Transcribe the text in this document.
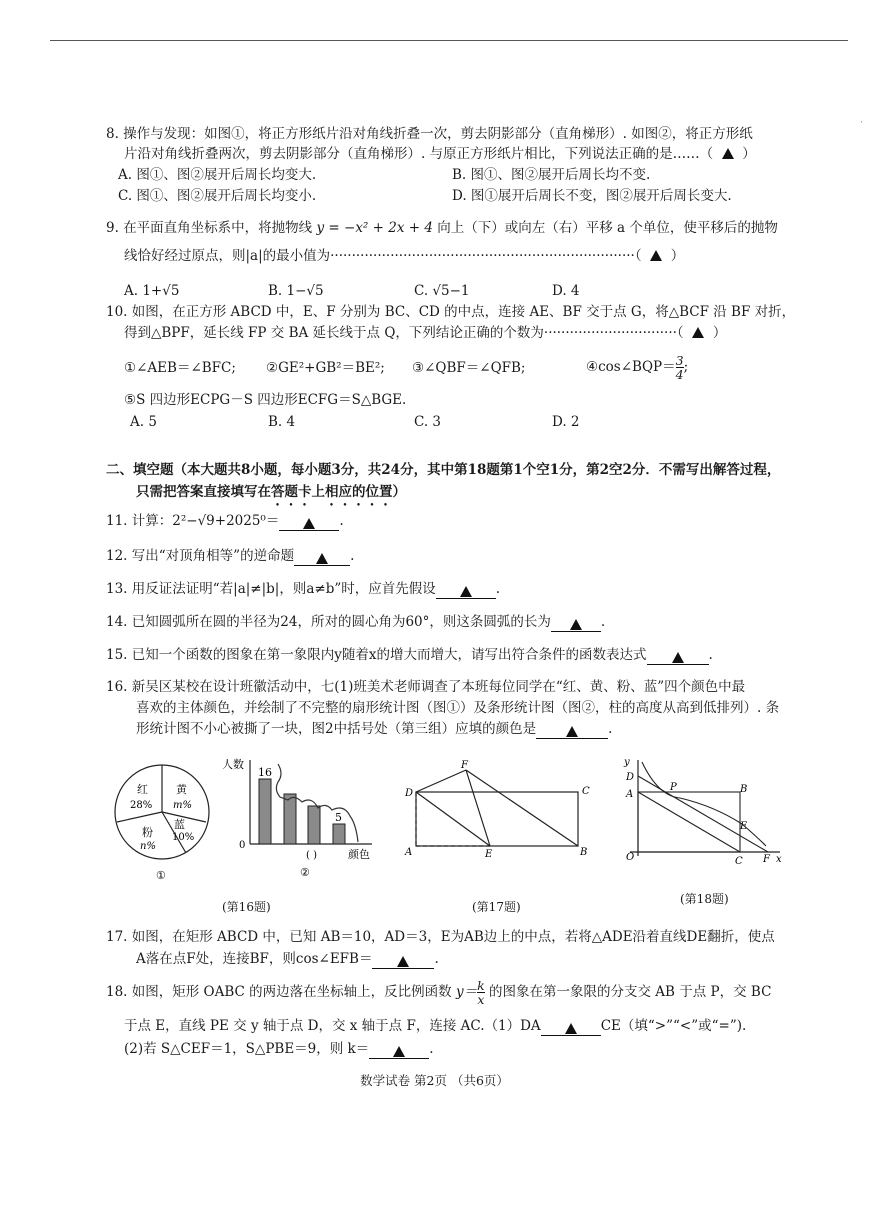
·
8. 操作与发现：如图①，将正方形纸片沿对角线折叠一次，剪去阴影部分（直角梯形）. 如图②，将正方形纸
片沿对角线折叠两次，剪去阴影部分（直角梯形）. 与原正方形纸片相比，下列说法正确的是……（ ）
A. 图①、图②展开后周长均变大.	B. 图①、图②展开后周长均不变.
C. 图①、图②展开后周长均变小.	D. 图①展开后周长不变，图②展开后周长变大.
9. 在平面直角坐标系中，将抛物线 y = −x² + 2x + 4 向上（下）或向左（右）平移 a 个单位，使平移后的抛物
线恰好经过原点，则|a|的最小值为·······································································（ ）
A. 1+√5	B. 1−√5	C. √5−1	D. 4
10. 如图，在正方形 ABCD 中，E、F 分别为 BC、CD 的中点，连接 AE、BF 交于点 G，将△BCF 沿 BF 对折，
得到△BPF，延长线 FP 交 BA 延长线于点 Q，下列结论正确的个数为·······························（ ）
①∠AEB＝∠BFC; ②GE²+GB²＝BE²; ③∠QBF＝∠QFB;	④cos∠BQP＝ $\frac{3}{4}$ ;
⑤S 四边形ECPG－S 四边形ECFG＝S△BGE.
A. 5	B. 4	C. 3	D. 2
二、填空题（本大题共8小题，每小题3分，共24分，其中第18题第1个空1分，第2空2分．不需写出解答过程，
只需把答案直接填写在答题卡上相应的位置）
11. 计算：2²−√9+2025⁰＝	.
12. 写出“对顶角相等”的逆命题	.
13. 用反证法证明“若|a|≠|b|，则a≠b”时，应首先假设	.
14. 已知圆弧所在圆的半径为24，所对的圆心角为60°，则这条圆弧的长为	.
15. 已知一个函数的图象在第一象限内y随着x的增大而增大，请写出符合条件的函数表达式	.
16. 新吴区某校在设计班徽活动中，七(1)班美术老师调查了本班每位同学在“红、黄、粉、蓝”四个颜色中最
喜欢的主体颜色，并绘制了不完整的扇形统计图（图①）及条形统计图（图②，柱的高度从高到低排列）. 条
形统计图不小心被撕了一块，图2中括号处（第三组）应填的颜色是	.
红
28%
黄
m%
粉
n%
蓝
10%
①
人数
0
16
5
( )	颜色
②
(第16题)
F
D	C
A	E	B
(第17题)
y
D
A
P	B
E
O	C F x
(第18题)
17. 如图，在矩形 ABCD 中，已知 AB＝10，AD＝3，E为AB边上的中点，若将△ADE沿着直线DE翻折，使点
A落在点F处，连接BF，则cos∠EFB＝	.
18. 如图，矩形 OABC 的两边落在坐标轴上，反比例函数 $y= \frac{k}{x}$ 的图象在第一象限的分支交 AB 于点 P，交 BC
于点 E，直线 PE 交 y 轴于点 D，交 x 轴于点 F，连接 AC.（1）DA	CE（填“>”“<”或“=”).
(2)若 S△CEF＝1，S△PBE＝9，则 k＝	.
数学试卷 第2页 （共6页）
